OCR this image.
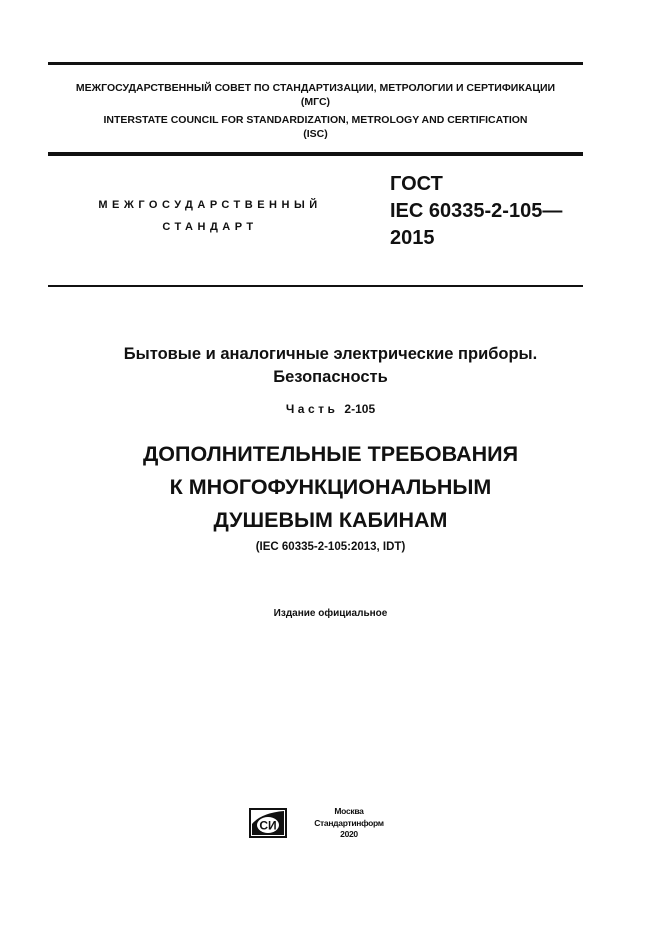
МЕЖГОСУДАРСТВЕННЫЙ СОВЕТ ПО СТАНДАРТИЗАЦИИ, МЕТРОЛОГИИ И СЕРТИФИКАЦИИ
(МГС)
INTERSTATE COUNCIL FOR STANDARDIZATION, METROLOGY AND CERTIFICATION
(ISC)
МЕЖГОСУДАРСТВЕННЫЙ
СТАНДАРТ
ГОСТ
IEC 60335-2-105—
2015
Бытовые и аналогичные электрические приборы.
Безопасность
Часть 2-105
ДОПОЛНИТЕЛЬНЫЕ ТРЕБОВАНИЯ
К МНОГОФУНКЦИОНАЛЬНЫМ
ДУШЕВЫМ КАБИНАМ
(IEC 60335-2-105:2013, IDT)
Издание официальное
СИ
Москва
Стандартинформ
2020
